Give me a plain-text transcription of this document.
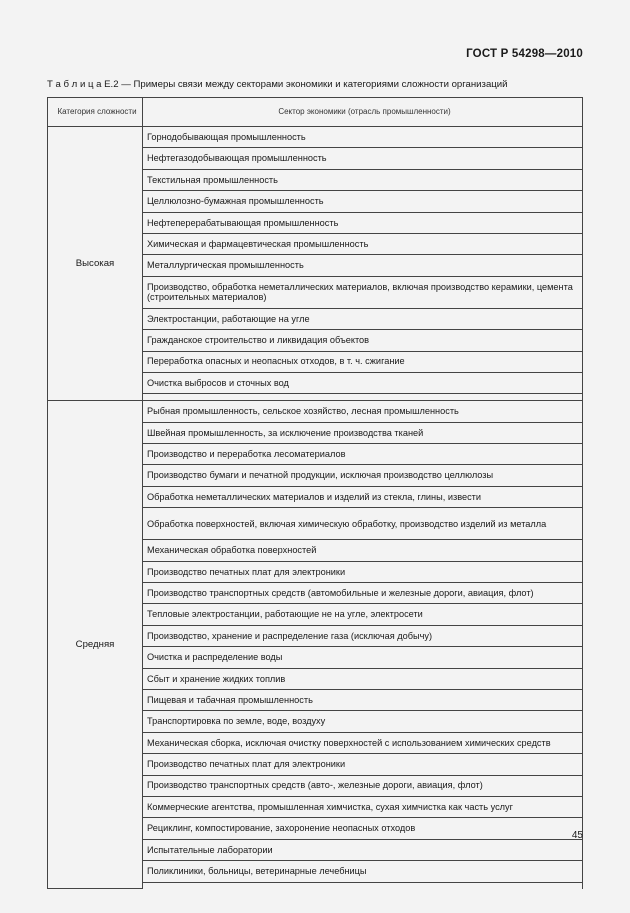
ГОСТ Р 54298—2010
Т а б л и ц а Е.2 — Примеры связи между секторами экономики и категориями сложности организаций
Категория сложности	Сектор экономики (отрасль промышленности)
Высокая	Горнодобывающая промышленность
	Нефтегазодобывающая промышленность
	Текстильная промышленность
	Целлюлозно-бумажная промышленность
	Нефтеперерабатывающая промышленность
	Химическая и фармацевтическая промышленность
	Металлургическая промышленность
	Производство, обработка неметаллических материалов, включая производство керамики, цемента (строительных материалов)
	Электростанции, работающие на угле
	Гражданское строительство и ликвидация объектов
	Переработка опасных и неопасных отходов, в т. ч. сжигание
	Очистка выбросов и сточных вод

Средняя	Рыбная промышленность, сельское хозяйство, лесная промышленность
	Швейная промышленность, за исключение производства тканей
	Производство и переработка лесоматериалов
	Производство бумаги и печатной продукции, исключая производство целлюлозы
	Обработка неметаллических материалов и изделий из стекла, глины, извести
	Обработка поверхностей, включая химическую обработку, производство изделий из металла
	Механическая обработка поверхностей
	Производство печатных плат для электроники
	Производство транспортных средств (автомобильные и железные дороги, авиация, флот)
	Тепловые электростанции, работающие не на угле, электросети
	Производство, хранение и распределение газа (исключая добычу)
	Очистка и распределение воды
	Сбыт и хранение жидких топлив
	Пищевая и табачная промышленность
	Транспортировка по земле, воде, воздуху
	Механическая сборка, исключая очистку поверхностей с использованием химических средств
	Производство печатных плат для электроники
	Производство транспортных средств (авто-, железные дороги, авиация, флот)
	Коммерческие агентства, промышленная химчистка, сухая химчистка как часть услуг
	Рециклинг, компостирование, захоронение неопасных отходов
	Испытательные лаборатории
	Поликлиники, больницы, ветеринарные лечебницы

45
